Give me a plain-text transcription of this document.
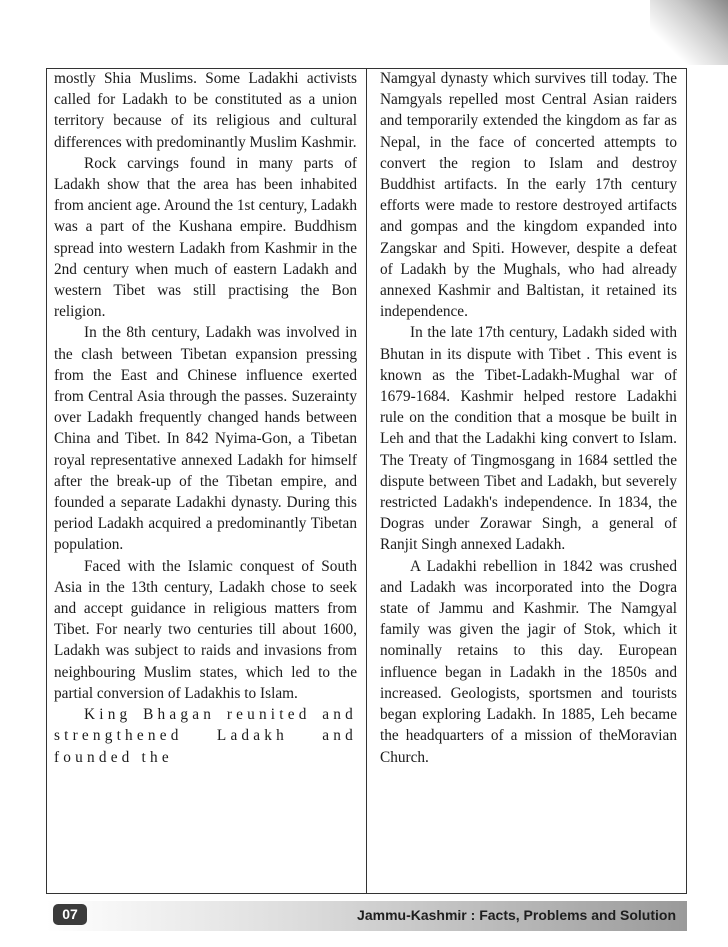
mostly Shia Muslims. Some Ladakhi activists called for Ladakh to be constituted as a union territory because of its religious and cultural differences with predominantly Muslim Kashmir.

Rock carvings found in many parts of Ladakh show that the area has been inhabited from ancient age. Around the 1st century, Ladakh was a part of the Kushana empire. Buddhism spread into western Ladakh from Kashmir in the 2nd century when much of eastern Ladakh and western Tibet was still practising the Bon religion.

In the 8th century, Ladakh was involved in the clash between Tibetan expansion pressing from the East and Chinese influence exerted from Central Asia through the passes. Suzerainty over Ladakh frequently changed hands between China and Tibet. In 842 Nyima-Gon, a Tibetan royal representative annexed Ladakh for himself after the break-up of the Tibetan empire, and founded a separate Ladakhi dynasty. During this period Ladakh acquired a predominantly Tibetan population.

Faced with the Islamic conquest of South Asia in the 13th century, Ladakh chose to seek and accept guidance in religious matters from Tibet. For nearly two centuries till about 1600, Ladakh was subject to raids and invasions from neighbouring Muslim states, which led to the partial conversion of Ladakhis to Islam.

King Bhagan reunited and strengthened Ladakh and founded the

Namgyal dynasty which survives till today. The Namgyals repelled most Central Asian raiders and temporarily extended the kingdom as far as Nepal, in the face of concerted attempts to convert the region to Islam and destroy Buddhist artifacts. In the early 17th century efforts were made to restore destroyed artifacts and gompas and the kingdom expanded into Zangskar and Spiti. However, despite a defeat of Ladakh by the Mughals, who had already annexed Kashmir and Baltistan, it retained its independence.

In the late 17th century, Ladakh sided with Bhutan in its dispute with Tibet . This event is known as the Tibet-Ladakh-Mughal war of 1679-1684. Kashmir helped restore Ladakhi rule on the condition that a mosque be built in Leh and that the Ladakhi king convert to Islam. The Treaty of Tingmosgang in 1684 settled the dispute between Tibet and Ladakh, but severely restricted Ladakh's independence. In 1834, the Dogras under Zorawar Singh, a general of Ranjit Singh annexed Ladakh.

A Ladakhi rebellion in 1842 was crushed and Ladakh was incorporated into the Dogra state of Jammu and Kashmir. The Namgyal family was given the jagir of Stok, which it nominally retains to this day. European influence began in Ladakh in the 1850s and increased. Geologists, sportsmen and tourists began exploring Ladakh. In 1885, Leh became the headquarters of a mission of theMoravian Church.

07	Jammu-Kashmir : Facts, Problems and Solution
